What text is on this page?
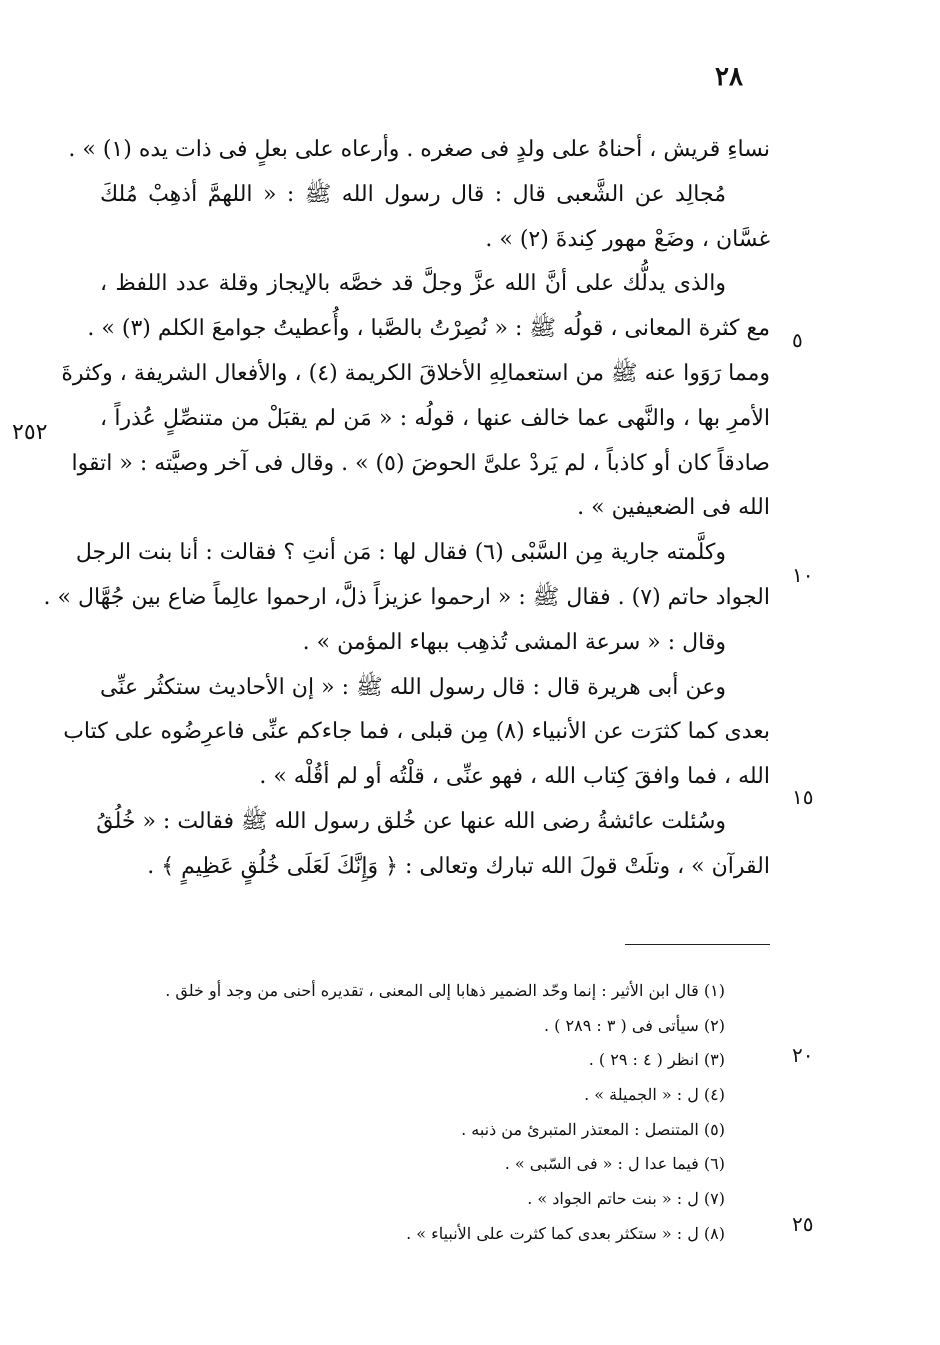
٢٨
نساءِ قريش ، أحناهُ على ولدٍ فى صغره . وأرعاه على بعلٍ فى ذات يده (١) » .
مُجالِد عن الشَّعبى قال : قال رسول الله ﷺ : « اللهمَّ أذهِبْ مُلكَ
غسَّان ، وضَعْ مهور كِندةَ (٢) » .
والذى يدلُّك على أنَّ الله عزَّ وجلَّ قد خصَّه بالإيجاز وقلة عدد اللفظ ،
مع كثرة المعانى ، قولُه ﷺ : « نُصِرْتُ بالصَّبا ، وأُعطيتُ جوامعَ الكلم (٣) » .
ومما رَوَوا عنه ﷺ من استعمالِهِ الأخلاقَ الكريمة (٤) ، والأفعال الشريفة ، وكثرةَ
الأمرِ بها ، والنَّهى عما خالف عنها ، قولُه : « مَن لم يقبَلْ من متنصِّلٍ عُذراً ،
صادقاً كان أو كاذباً ، لم يَردْ علىَّ الحوضَ (٥) » . وقال فى آخر وصيَّته : « اتقوا
الله فى الضعيفين » .
وكلَّمته جارية مِن السَّبْى (٦) فقال لها : مَن أنتِ ؟ فقالت : أنا بنت الرجل
الجواد حاتم (٧) . فقال ﷺ : « ارحموا عزيزاً ذلَّ، ارحموا عالِماً ضاع بين جُهَّال » .
وقال : « سرعة المشى تُذهِب ببهاء المؤمن » .
وعن أبى هريرة قال : قال رسول الله ﷺ : « إن الأحاديث ستكثُر عنِّى
بعدى كما كثرَت عن الأنبياء (٨) مِن قبلى ، فما جاءكم عنِّى فاعرِضُوه على كتاب
الله ، فما وافقَ كِتاب الله ، فهو عنِّى ، قلْتُه أو لم أقُلْه » .
وسُئلت عائشةُ رضى الله عنها عن خُلق رسول الله ﷺ فقالت : « خُلُقُ
القرآن » ، وتلَتْ قولَ الله تبارك وتعالى : ﴿ وَإِنَّكَ لَعَلَى خُلُقٍ عَظِيمٍ ﴾ .
٥
١٠
١٥
٢٠
٢٥
٢٥٢
(١) قال ابن الأثير : إنما وحّد الضمير ذهابا إلى المعنى ، تقديره أحنى من وجد أو خلق .
(٢) سيأتى فى ( ٣ : ٢٨٩ ) .
(٣) انظر ( ٤ : ٢٩ ) .
(٤) ل : « الجميلة » .
(٥) المتنصل : المعتذر المتبرئ من ذنبه .
(٦) فيما عدا ل : « فى السّبى » .
(٧) ل : « بنت حاتم الجواد » .
(٨) ل : « ستكثر بعدى كما كثرت على الأنبياء » .
